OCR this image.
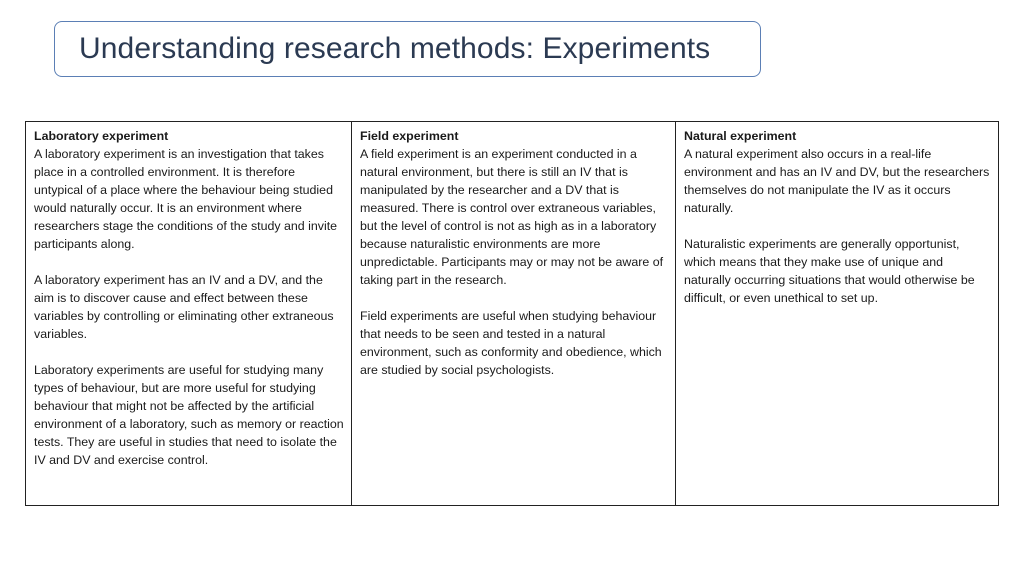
Understanding research methods: Experiments
Laboratory experiment

A laboratory experiment is an investigation that takes place in a controlled environment. It is therefore untypical of a place where the behaviour being studied would naturally occur. It is an environment where researchers stage the conditions of the study and invite participants along.

A laboratory experiment has an IV and a DV, and the aim is to discover cause and effect between these variables by controlling or eliminating other extraneous variables.

Laboratory experiments are useful for studying many types of behaviour, but are more useful for studying behaviour that might not be affected by the artificial environment of a laboratory, such as memory or reaction tests. They are useful in studies that need to isolate the IV and DV and exercise control.

Field experiment

A field experiment is an experiment conducted in a natural environment, but there is still an IV that is manipulated by the researcher and a DV that is measured. There is control over extraneous variables, but the level of control is not as high as in a laboratory because naturalistic environments are more unpredictable. Participants may or may not be aware of taking part in the research.

Field experiments are useful when studying behaviour that needs to be seen and tested in a natural environment, such as conformity and obedience, which are studied by social psychologists.

Natural experiment

A natural experiment also occurs in a real-life environment and has an IV and DV, but the researchers themselves do not manipulate the IV as it occurs naturally.

Naturalistic experiments are generally opportunist, which means that they make use of unique and naturally occurring situations that would otherwise be difficult, or even unethical to set up.
